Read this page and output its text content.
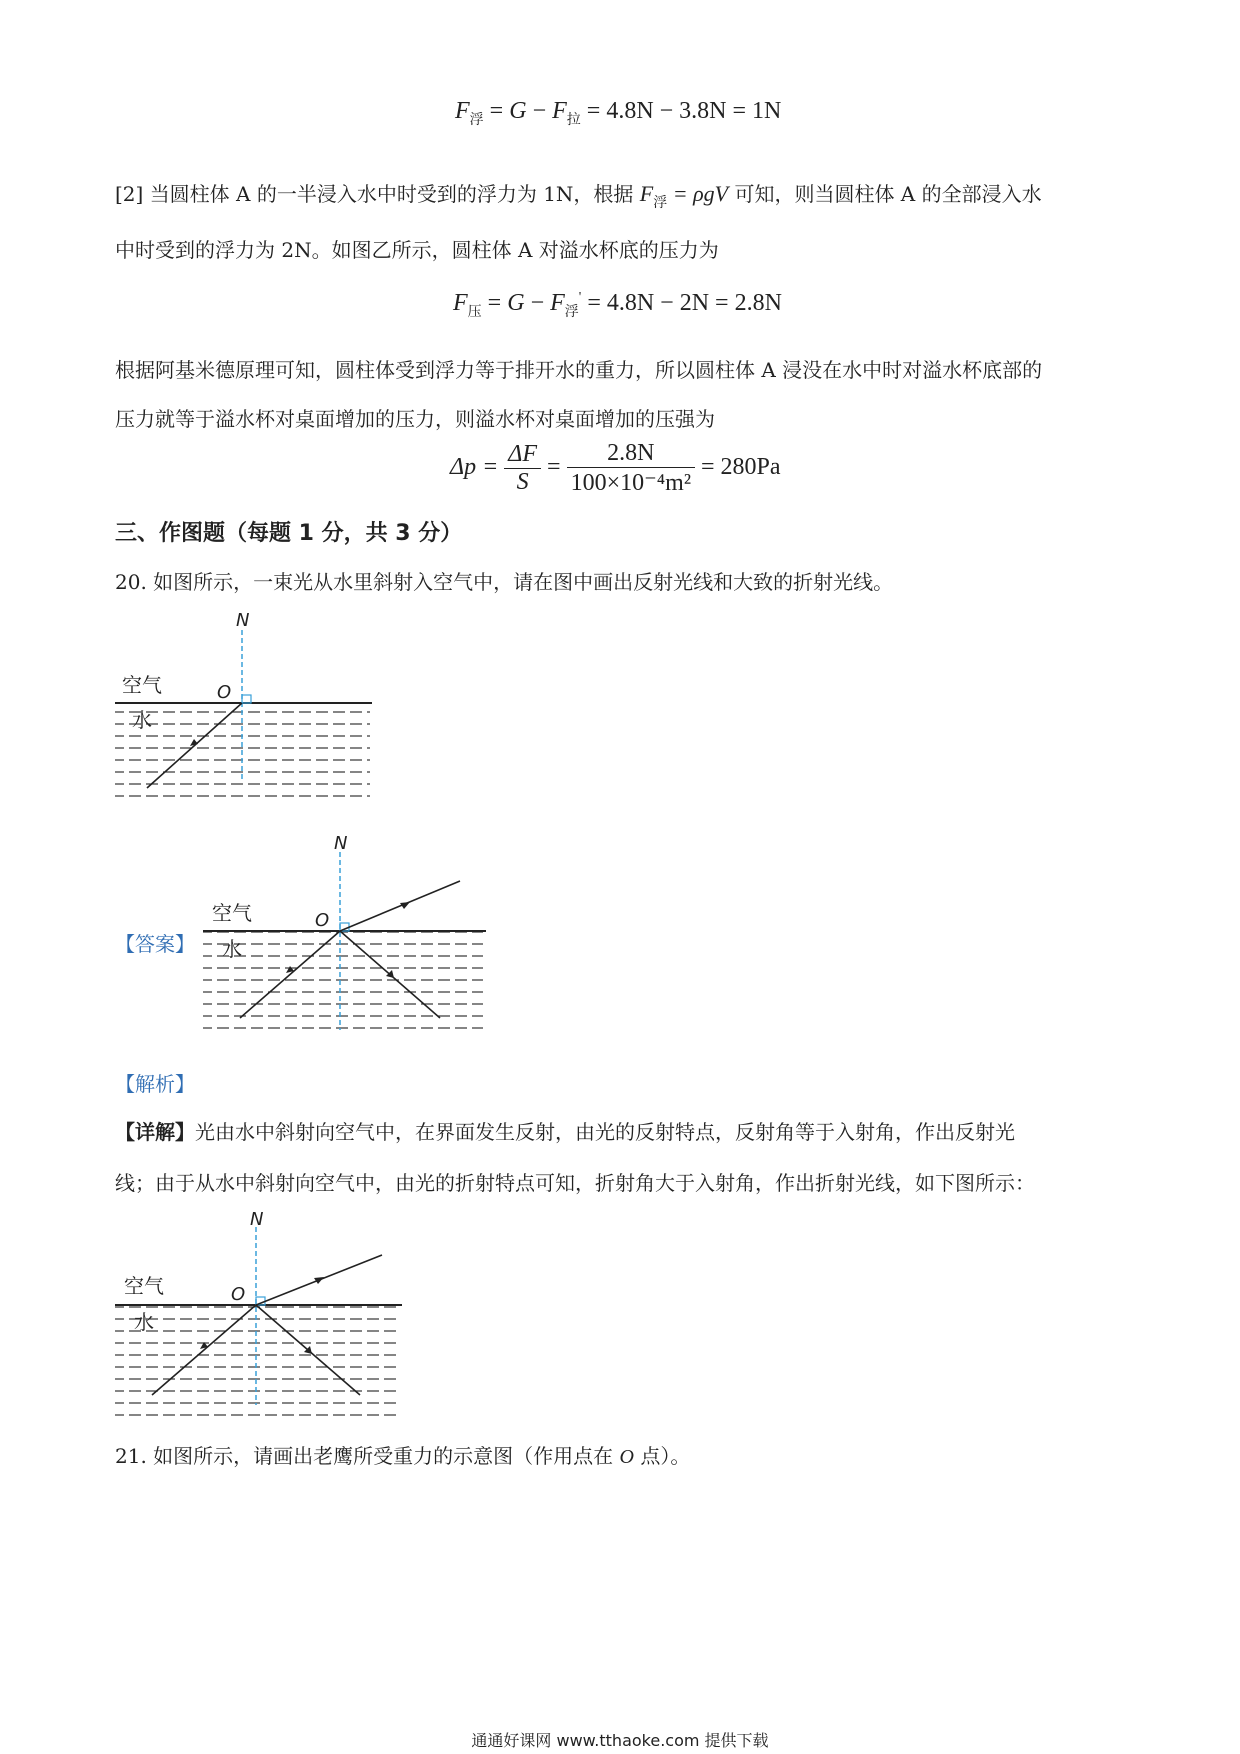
$F_浮 = G - F_拉 = 4.8N - 3.8N = 1N$
[2] 当圆柱体 A 的一半浸入水中时受到的浮力为 1N，根据 $F_浮 = \rho gV$ 可知，则当圆柱体 A 的全部浸入水
中时受到的浮力为 2N。如图乙所示，圆柱体 A 对溢水杯底的压力为
$F_压 = G - F_浮' = 4.8N - 2N = 2.8N$
根据阿基米德原理可知，圆柱体受到浮力等于排开水的重力，所以圆柱体 A 浸没在水中时对溢水杯底部的
压力就等于溢水杯对桌面增加的压力，则溢水杯对桌面增加的压强为
$\Delta p = \frac{\Delta F}{S} = \frac{2.8N}{\text{100×10⁻⁴m²}} = 280Pa$
三、作图题（每题 1 分，共 3 分）
20. 如图所示，一束光从水里斜射入空气中，请在图中画出反射光线和大致的折射光线。
N
O
空气
水
【答案】
N
O
空气
水
【解析】
【详解】光由水中斜射向空气中，在界面发生反射，由光的反射特点，反射角等于入射角，作出反射光
线；由于从水中斜射向空气中，由光的折射特点可知，折射角大于入射角，作出折射光线，如下图所示：
N
O
空气
水
21. 如图所示，请画出老鹰所受重力的示意图（作用点在 O 点）。
通通好课网 www.tthaoke.com 提供下载
